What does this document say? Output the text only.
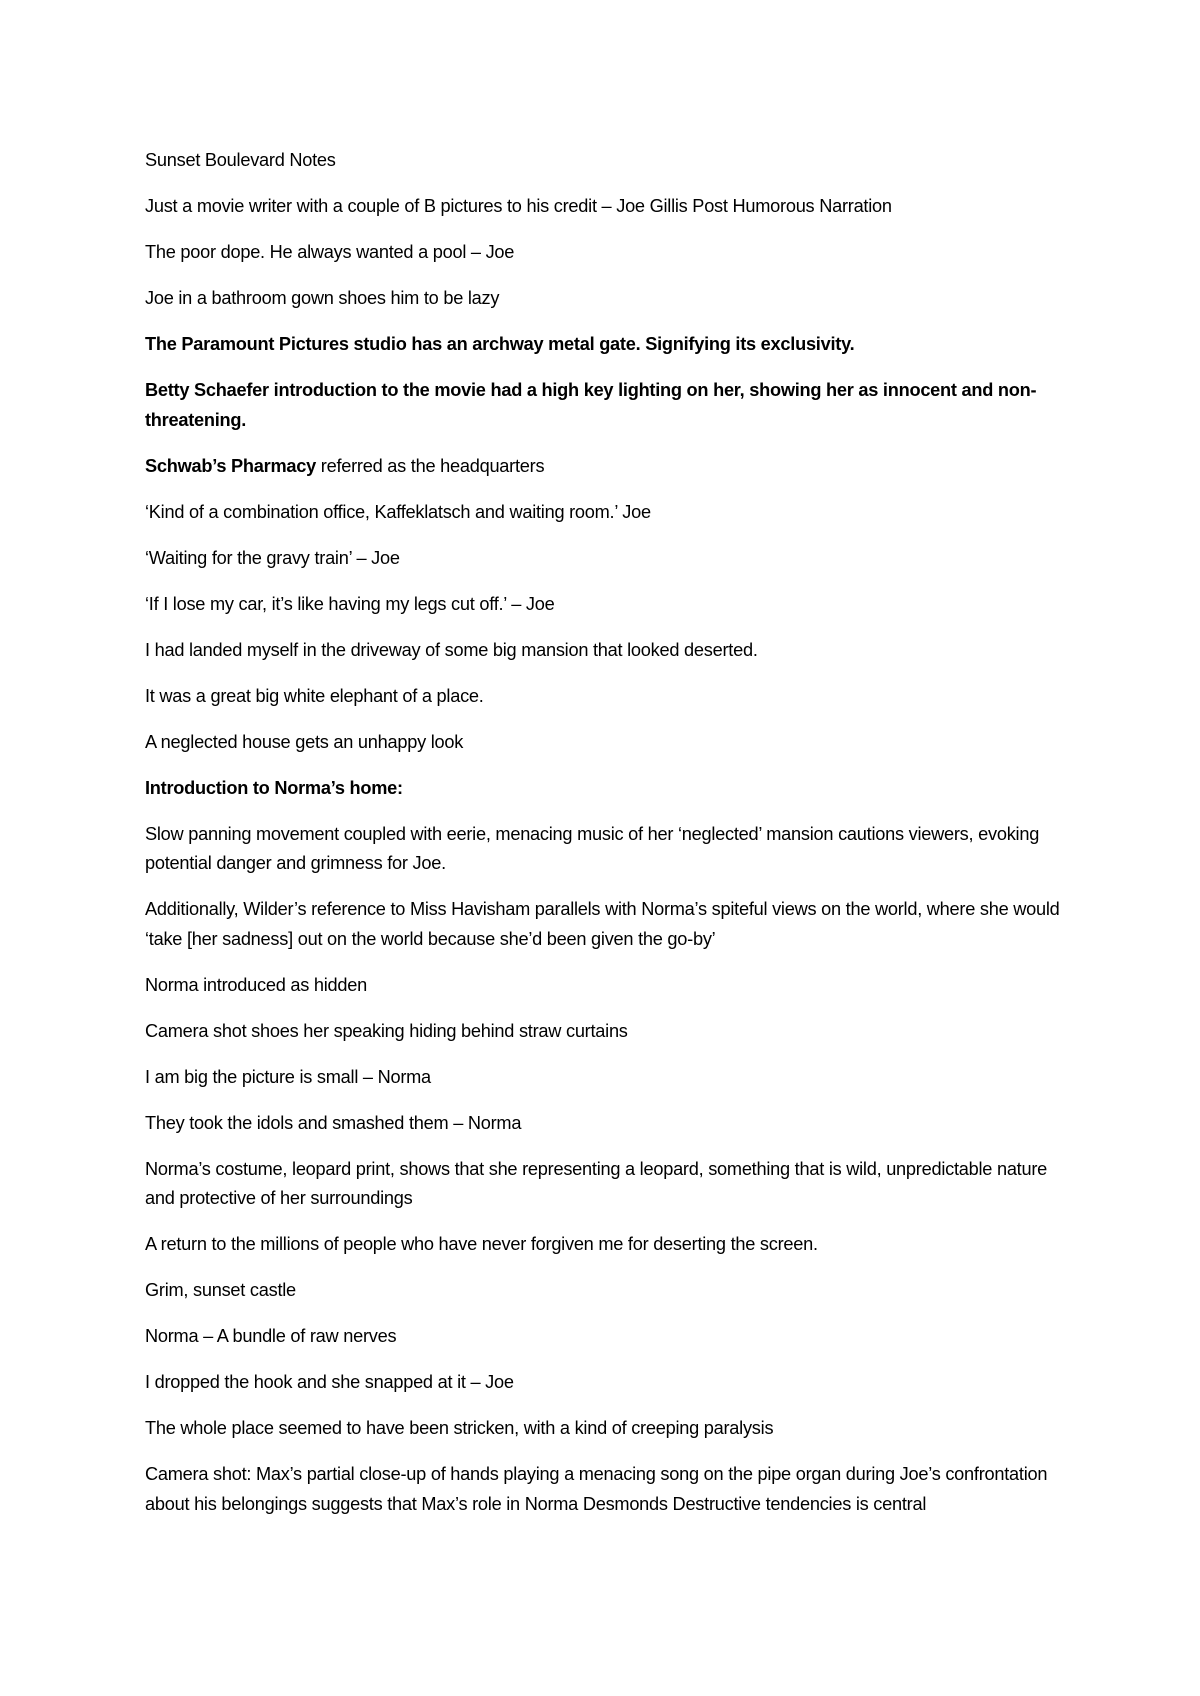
Sunset Boulevard Notes

Just a movie writer with a couple of B pictures to his credit – Joe Gillis Post Humorous Narration

The poor dope. He always wanted a pool – Joe

Joe in a bathroom gown shoes him to be lazy

The Paramount Pictures studio has an archway metal gate. Signifying its exclusivity.

Betty Schaefer introduction to the movie had a high key lighting on her, showing her as innocent and non-threatening.

Schwab’s Pharmacy referred as the headquarters

‘Kind of a combination office, Kaffeklatsch and waiting room.’ Joe

‘Waiting for the gravy train’ – Joe

‘If I lose my car, it’s like having my legs cut off.’ – Joe

I had landed myself in the driveway of some big mansion that looked deserted.

It was a great big white elephant of a place.

A neglected house gets an unhappy look

Introduction to Norma’s home:

Slow panning movement coupled with eerie, menacing music of her ‘neglected’ mansion cautions viewers, evoking potential danger and grimness for Joe.

Additionally, Wilder’s reference to Miss Havisham parallels with Norma’s spiteful views on the world, where she would ‘take [her sadness] out on the world because she’d been given the go-by’

Norma introduced as hidden

Camera shot shoes her speaking hiding behind straw curtains

I am big the picture is small – Norma

They took the idols and smashed them – Norma

Norma’s costume, leopard print, shows that she representing a leopard, something that is wild, unpredictable nature and protective of her surroundings

A return to the millions of people who have never forgiven me for deserting the screen.

Grim, sunset castle

Norma – A bundle of raw nerves

I dropped the hook and she snapped at it – Joe

The whole place seemed to have been stricken, with a kind of creeping paralysis

Camera shot: Max’s partial close-up of hands playing a menacing song on the pipe organ during Joe’s confrontation about his belongings suggests that Max’s role in Norma Desmonds Destructive tendencies is central
